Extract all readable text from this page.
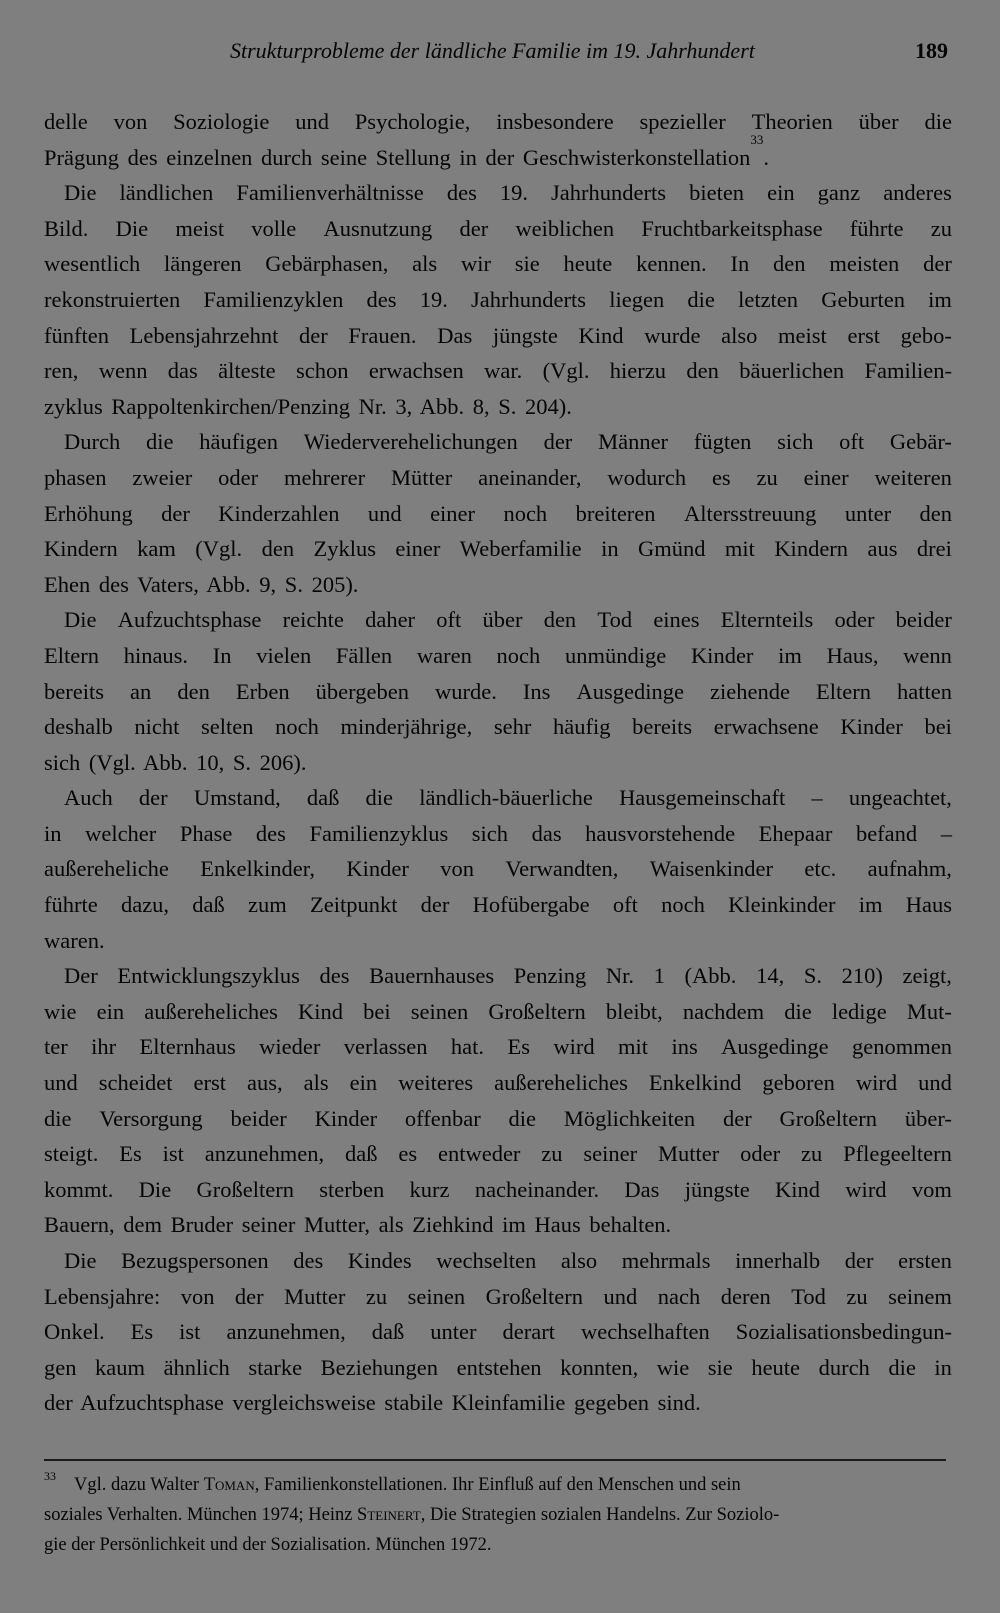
Strukturprobleme der ländliche Familie im 19. Jahrhundert	189
delle von Soziologie und Psychologie, insbesondere spezieller Theorien über die
Prägung des einzelnen durch seine Stellung in der Geschwisterkonstellation
33
.
Die ländlichen Familienverhältnisse des 19. Jahrhunderts bieten ein ganz anderes
Bild. Die meist volle Ausnutzung der weiblichen Fruchtbarkeitsphase führte zu
wesentlich längeren Gebärphasen, als wir sie heute kennen. In den meisten der
rekonstruierten Familienzyklen des 19. Jahrhunderts liegen die letzten Geburten im
fünften Lebensjahrzehnt der Frauen. Das jüngste Kind wurde also meist erst gebo-
ren, wenn das älteste schon erwachsen war. (Vgl. hierzu den bäuerlichen Familien-
zyklus Rappoltenkirchen/Penzing Nr. 3, Abb. 8, S. 204).
Durch die häufigen Wiederverehelichungen der Männer fügten sich oft Gebär-
phasen zweier oder mehrerer Mütter aneinander, wodurch es zu einer weiteren
Erhöhung der Kinderzahlen und einer noch breiteren Altersstreuung unter den
Kindern kam (Vgl. den Zyklus einer Weberfamilie in Gmünd mit Kindern aus drei
Ehen des Vaters, Abb. 9, S. 205).
Die Aufzuchtsphase reichte daher oft über den Tod eines Elternteils oder beider
Eltern hinaus. In vielen Fällen waren noch unmündige Kinder im Haus, wenn
bereits an den Erben übergeben wurde. Ins Ausgedinge ziehende Eltern hatten
deshalb nicht selten noch minderjährige, sehr häufig bereits erwachsene Kinder bei
sich (Vgl. Abb. 10, S. 206).
Auch der Umstand, daß die ländlich-bäuerliche Hausgemeinschaft – ungeachtet,
in welcher Phase des Familienzyklus sich das hausvorstehende Ehepaar befand –
außereheliche Enkelkinder, Kinder von Verwandten, Waisenkinder etc. aufnahm,
führte dazu, daß zum Zeitpunkt der Hofübergabe oft noch Kleinkinder im Haus
waren.
Der Entwicklungszyklus des Bauernhauses Penzing Nr. 1 (Abb. 14, S. 210) zeigt,
wie ein außereheliches Kind bei seinen Großeltern bleibt, nachdem die ledige Mut-
ter ihr Elternhaus wieder verlassen hat. Es wird mit ins Ausgedinge genommen
und scheidet erst aus, als ein weiteres außereheliches Enkelkind geboren wird und
die Versorgung beider Kinder offenbar die Möglichkeiten der Großeltern über-
steigt. Es ist anzunehmen, daß es entweder zu seiner Mutter oder zu Pflegeeltern
kommt. Die Großeltern sterben kurz nacheinander. Das jüngste Kind wird vom
Bauern, dem Bruder seiner Mutter, als Ziehkind im Haus behalten.
Die Bezugspersonen des Kindes wechselten also mehrmals innerhalb der ersten
Lebensjahre: von der Mutter zu seinen Großeltern und nach deren Tod zu seinem
Onkel. Es ist anzunehmen, daß unter derart wechselhaften Sozialisationsbedingun-
gen kaum ähnlich starke Beziehungen entstehen konnten, wie sie heute durch die in
der Aufzuchtsphase vergleichsweise stabile Kleinfamilie gegeben sind.
$^{33}$ Vgl. dazu Walter Toman, Familienkonstellationen. Ihr Einfluß auf den Menschen und sein
soziales Verhalten. München 1974; Heinz Steinert, Die Strategien sozialen Handelns. Zur Soziolo-
gie der Persönlichkeit und der Sozialisation. München 1972.
